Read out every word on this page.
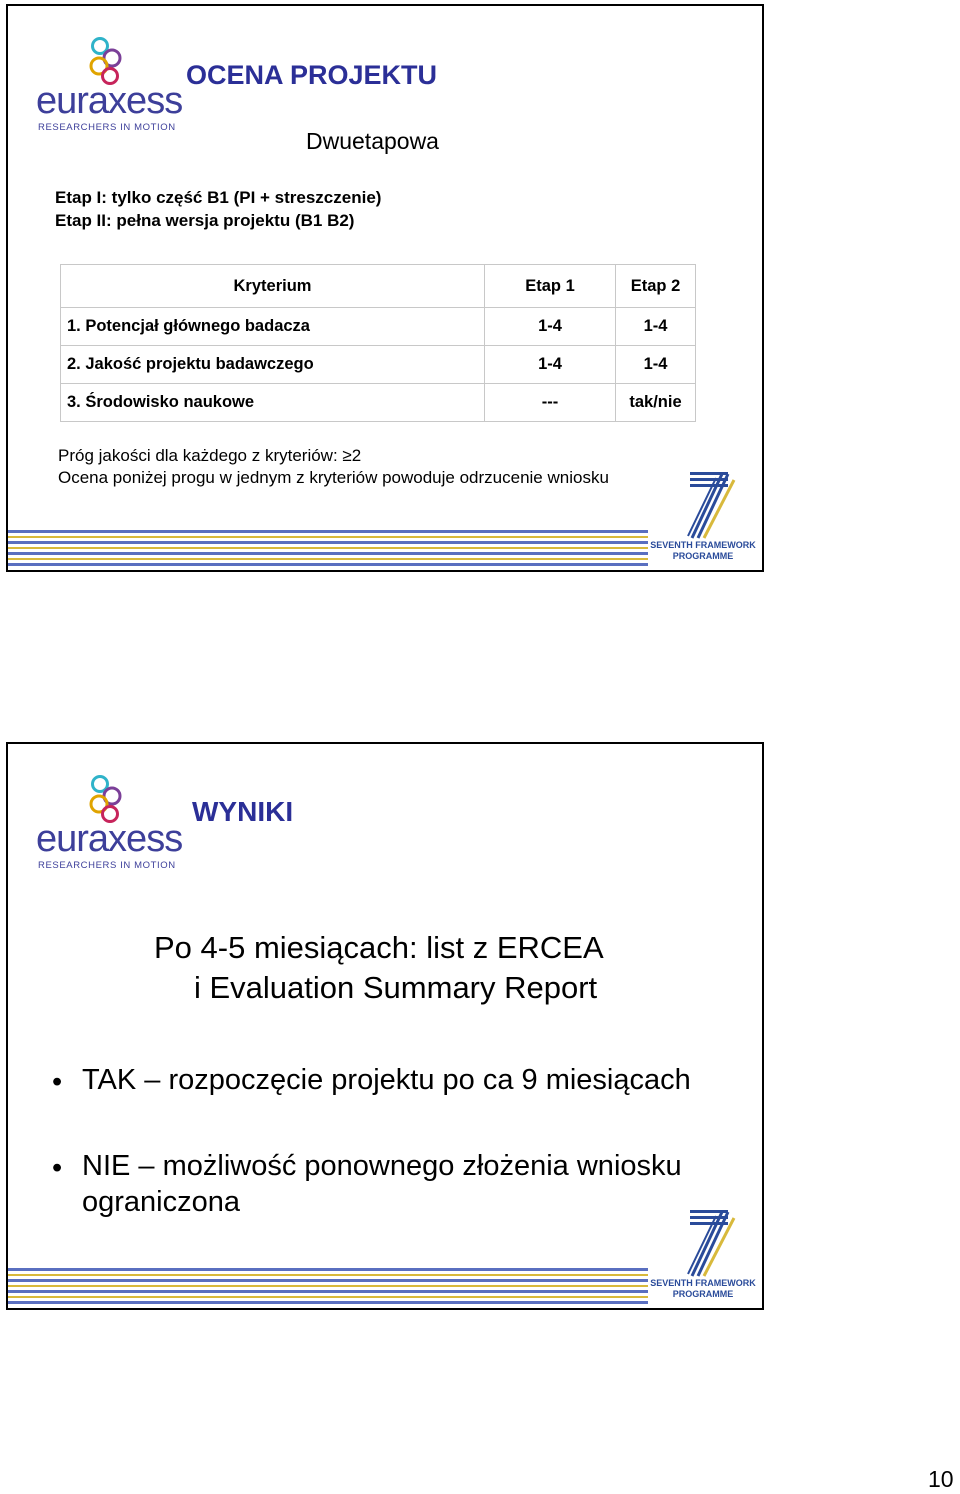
euraxess
RESEARCHERS IN MOTION
OCENA PROJEKTU
Dwuetapowa
Etap I: tylko część B1 (PI + streszczenie)
Etap II: pełna wersja projektu (B1 B2)
Kryterium	Etap 1	Etap 2
1. Potencjał głównego badacza	1-4	1-4
2. Jakość projektu badawczego	1-4	1-4
3. Środowisko naukowe	---	tak/nie
Próg jakości dla każdego z kryteriów: ≥2
Ocena poniżej progu w jednym z kryteriów powoduje odrzucenie wniosku
SEVENTH FRAMEWORK
PROGRAMME
euraxess
RESEARCHERS IN MOTION
WYNIKI
Po 4-5 miesiącach: list z ERCEA
i Evaluation Summary Report
• TAK – rozpoczęcie projektu po ca 9 miesiącach
• NIE – możliwość ponownego złożenia wniosku
ograniczona
SEVENTH FRAMEWORK
PROGRAMME
10
